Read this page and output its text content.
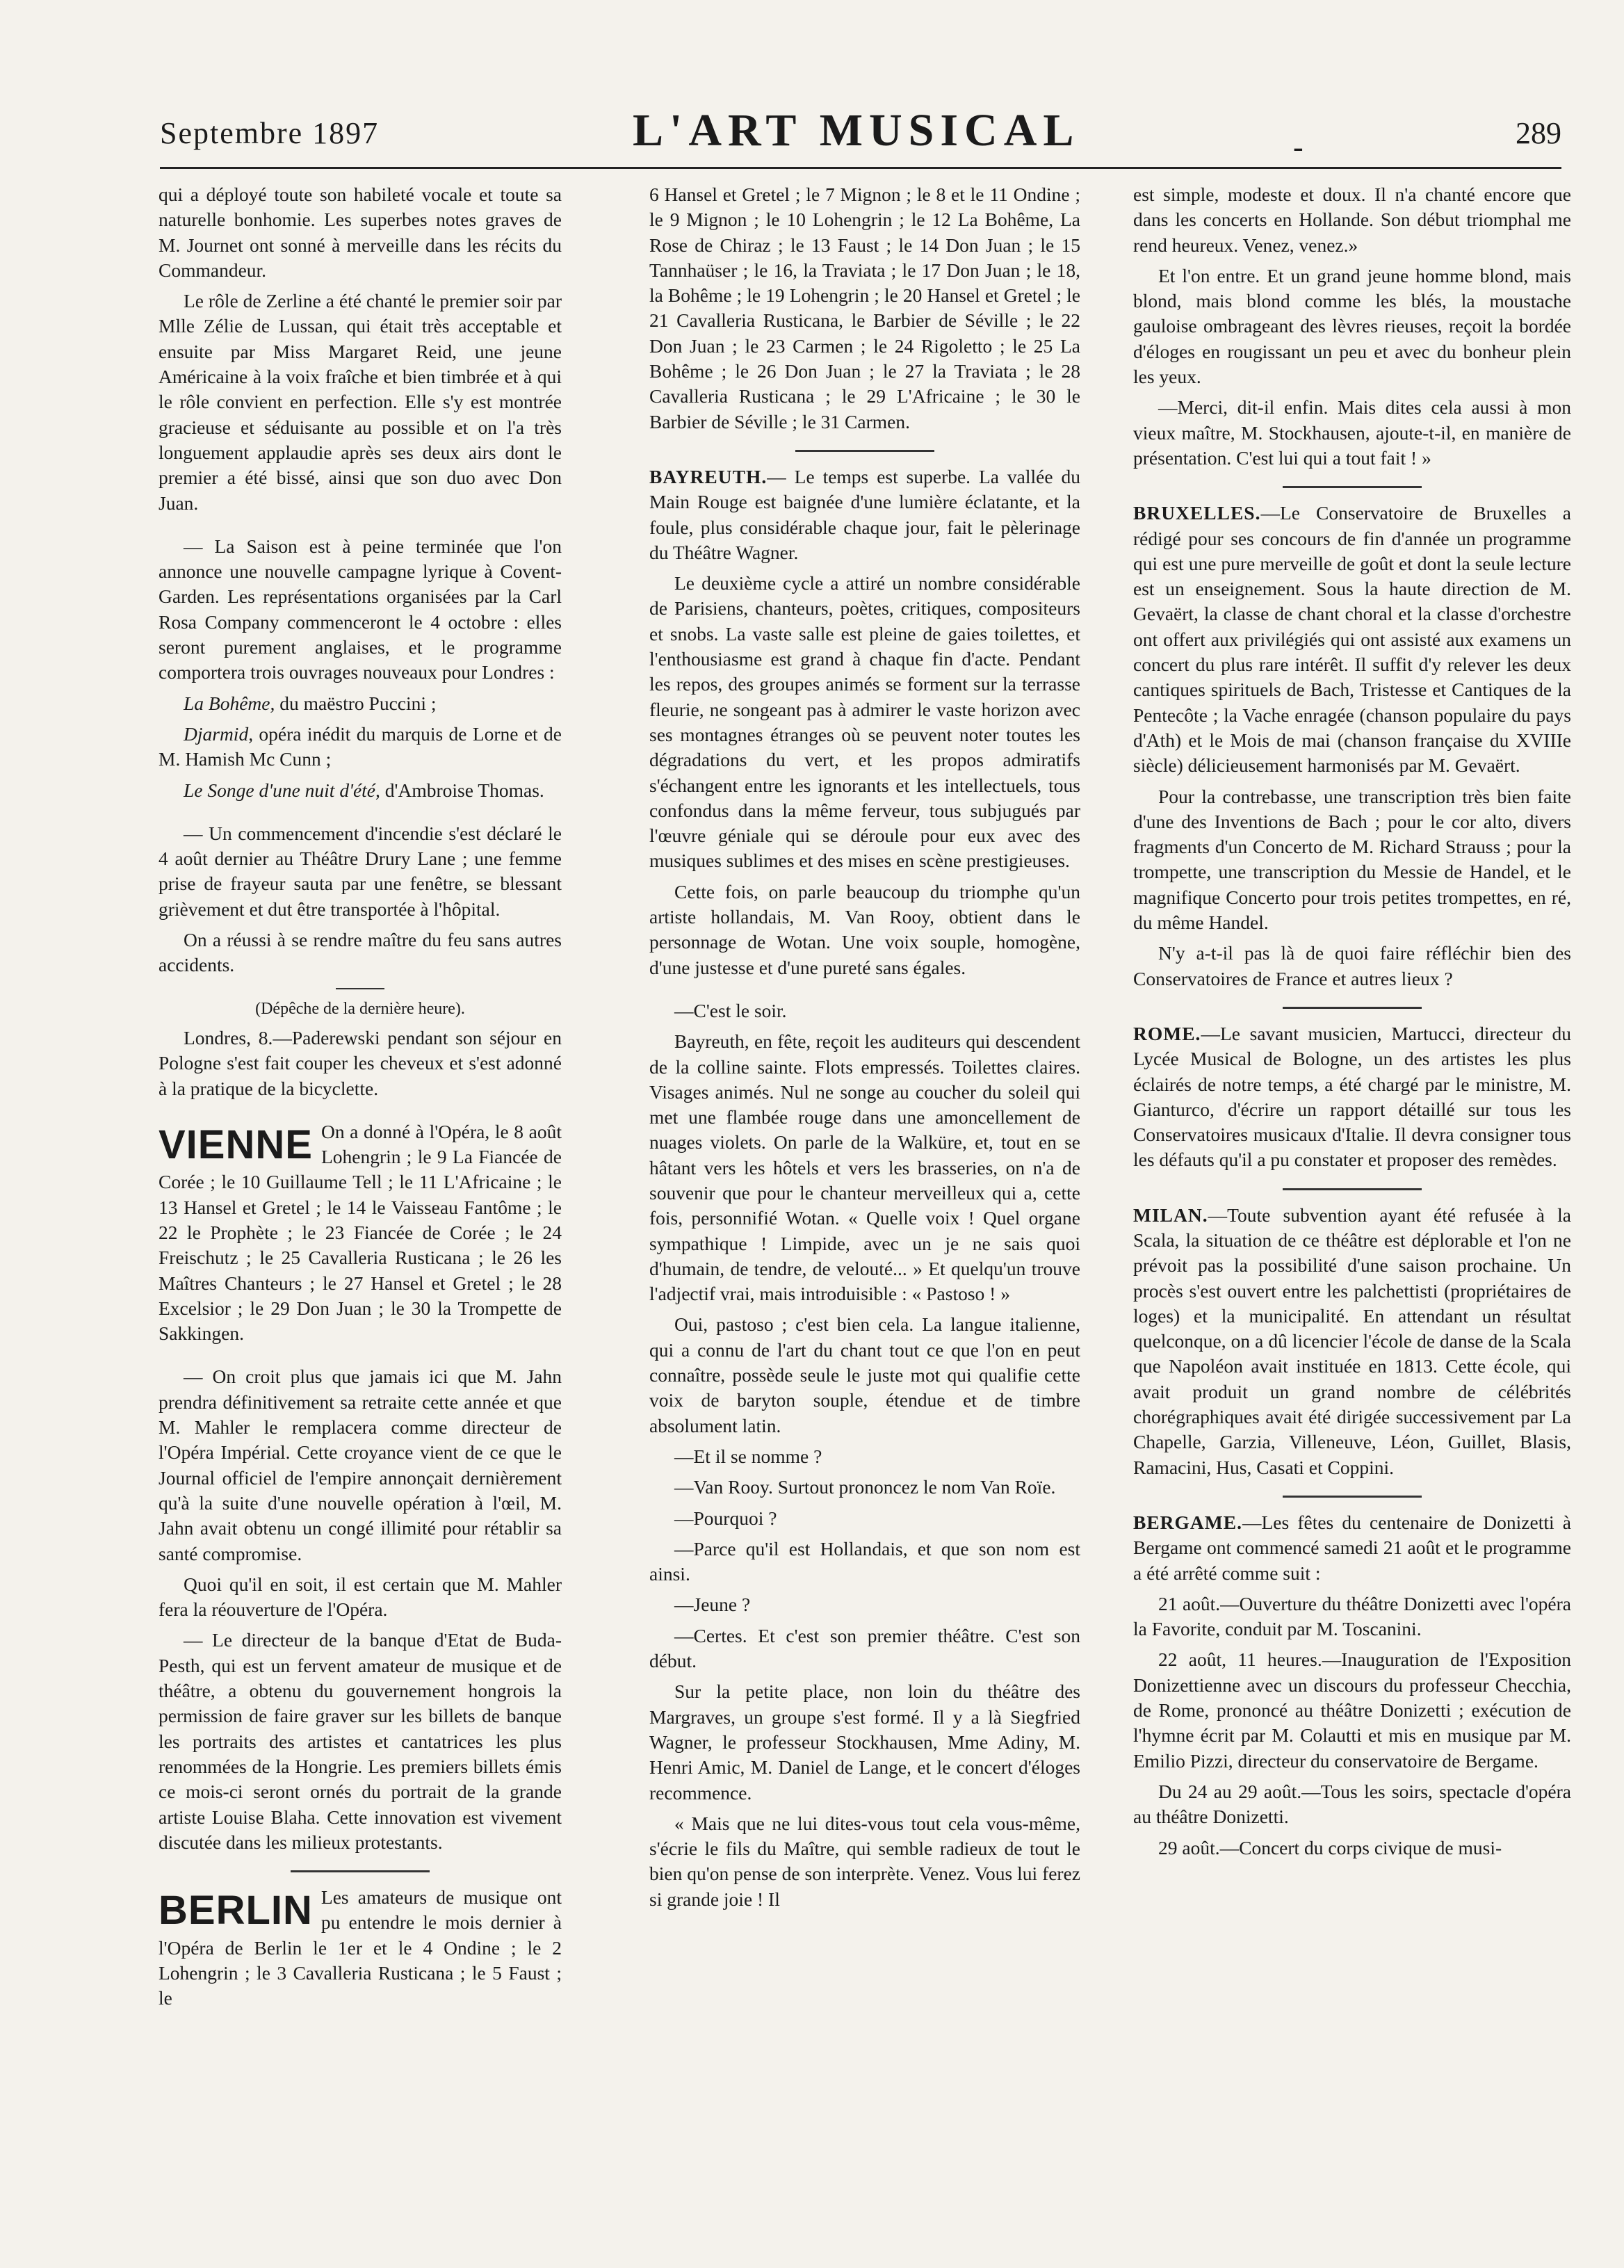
Septembre 1897	L'ART MUSICAL	-	289

qui a déployé toute son habileté vocale et toute sa naturelle bonhomie. Les superbes notes graves de M. Journet ont sonné à merveille dans les récits du Commandeur.

Le rôle de Zerline a été chanté le premier soir par Mlle Zélie de Lussan, qui était très acceptable et ensuite par Miss Margaret Reid, une jeune Américaine à la voix fraîche et bien timbrée et à qui le rôle convient en perfection. Elle s'y est montrée gracieuse et séduisante au possible et on l'a très longuement applaudie après ses deux airs dont le premier a été bissé, ainsi que son duo avec Don Juan.

— La Saison est à peine terminée que l'on annonce une nouvelle campagne lyrique à Covent-Garden. Les représentations organisées par la Carl Rosa Company commenceront le 4 octobre : elles seront purement anglaises, et le programme comportera trois ouvrages nouveaux pour Londres :

La Bohême, du maëstro Puccini ;

Djarmid, opéra inédit du marquis de Lorne et de M. Hamish Mc Cunn ;

Le Songe d'une nuit d'été, d'Ambroise Thomas.

— Un commencement d'incendie s'est déclaré le 4 août dernier au Théâtre Drury Lane ; une femme prise de frayeur sauta par une fenêtre, se blessant grièvement et dut être transportée à l'hôpital.

On a réussi à se rendre maître du feu sans autres accidents.

(Dépêche de la dernière heure).

Londres, 8.—Paderewski pendant son séjour en Pologne s'est fait couper les cheveux et s'est adonné à la pratique de la bicyclette.

VIENNE On a donné à l'Opéra, le 8 août Lohengrin ; le 9 La Fiancée de Corée ; le 10 Guillaume Tell ; le 11 L'Africaine ; le 13 Hansel et Gretel ; le 14 le Vaisseau Fantôme ; le 22 le Prophète ; le 23 Fiancée de Corée ; le 24 Freischutz ; le 25 Cavalleria Rusticana ; le 26 les Maîtres Chanteurs ; le 27 Hansel et Gretel ; le 28 Excelsior ; le 29 Don Juan ; le 30 la Trompette de Sakkingen.

— On croit plus que jamais ici que M. Jahn prendra définitivement sa retraite cette année et que M. Mahler le remplacera comme directeur de l'Opéra Impérial. Cette croyance vient de ce que le Journal officiel de l'empire annonçait dernièrement qu'à la suite d'une nouvelle opération à l'œil, M. Jahn avait obtenu un congé illimité pour rétablir sa santé compromise.

Quoi qu'il en soit, il est certain que M. Mahler fera la réouverture de l'Opéra.

— Le directeur de la banque d'Etat de Buda-Pesth, qui est un fervent amateur de musique et de théâtre, a obtenu du gouvernement hongrois la permission de faire graver sur les billets de banque les portraits des artistes et cantatrices les plus renommées de la Hongrie. Les premiers billets émis ce mois-ci seront ornés du portrait de la grande artiste Louise Blaha. Cette innovation est vivement discutée dans les milieux protestants.

BERLIN Les amateurs de musique ont pu entendre le mois dernier à l'Opéra de Berlin le 1er et le 4 Ondine ; le 2 Lohengrin ; le 3 Cavalleria Rusticana ; le 5 Faust ; le

6 Hansel et Gretel ; le 7 Mignon ; le 8 et le 11 Ondine ; le 9 Mignon ; le 10 Lohengrin ; le 12 La Bohême, La Rose de Chiraz ; le 13 Faust ; le 14 Don Juan ; le 15 Tannhaüser ; le 16, la Traviata ; le 17 Don Juan ; le 18, la Bohême ; le 19 Lohengrin ; le 20 Hansel et Gretel ; le 21 Cavalleria Rusticana, le Barbier de Séville ; le 22 Don Juan ; le 23 Carmen ; le 24 Rigoletto ; le 25 La Bohême ; le 26 Don Juan ; le 27 la Traviata ; le 28 Cavalleria Rusticana ; le 29 L'Africaine ; le 30 le Barbier de Séville ; le 31 Carmen.

BAYREUTH.— Le temps est superbe. La vallée du Main Rouge est baignée d'une lumière éclatante, et la foule, plus considérable chaque jour, fait le pèlerinage du Théâtre Wagner.

Le deuxième cycle a attiré un nombre considérable de Parisiens, chanteurs, poètes, critiques, compositeurs et snobs. La vaste salle est pleine de gaies toilettes, et l'enthousiasme est grand à chaque fin d'acte. Pendant les repos, des groupes animés se forment sur la terrasse fleurie, ne songeant pas à admirer le vaste horizon avec ses montagnes étranges où se peuvent noter toutes les dégradations du vert, et les propos admiratifs s'échangent entre les ignorants et les intellectuels, tous confondus dans la même ferveur, tous subjugués par l'œuvre géniale qui se déroule pour eux avec des musiques sublimes et des mises en scène prestigieuses.

Cette fois, on parle beaucoup du triomphe qu'un artiste hollandais, M. Van Rooy, obtient dans le personnage de Wotan. Une voix souple, homogène, d'une justesse et d'une pureté sans égales.

—C'est le soir.

Bayreuth, en fête, reçoit les auditeurs qui descendent de la colline sainte. Flots empressés. Toilettes claires. Visages animés. Nul ne songe au coucher du soleil qui met une flambée rouge dans une amoncellement de nuages violets. On parle de la Walküre, et, tout en se hâtant vers les hôtels et vers les brasseries, on n'a de souvenir que pour le chanteur merveilleux qui a, cette fois, personnifié Wotan. « Quelle voix ! Quel organe sympathique ! Limpide, avec un je ne sais quoi d'humain, de tendre, de velouté... » Et quelqu'un trouve l'adjectif vrai, mais introduisible : « Pastoso ! »

Oui, pastoso ; c'est bien cela. La langue italienne, qui a connu de l'art du chant tout ce que l'on en peut connaître, possède seule le juste mot qui qualifie cette voix de baryton souple, étendue et de timbre absolument latin.

—Et il se nomme ?

—Van Rooy. Surtout prononcez le nom Van Roïe.

—Pourquoi ?

—Parce qu'il est Hollandais, et que son nom est ainsi.

—Jeune ?

—Certes. Et c'est son premier théâtre. C'est son début.

Sur la petite place, non loin du théâtre des Margraves, un groupe s'est formé. Il y a là Siegfried Wagner, le professeur Stockhausen, Mme Adiny, M. Henri Amic, M. Daniel de Lange, et le concert d'éloges recommence.

« Mais que ne lui dites-vous tout cela vous-même, s'écrie le fils du Maître, qui semble radieux de tout le bien qu'on pense de son interprète. Venez. Vous lui ferez si grande joie ! Il

est simple, modeste et doux. Il n'a chanté encore que dans les concerts en Hollande. Son début triomphal me rend heureux. Venez, venez.»

Et l'on entre. Et un grand jeune homme blond, mais blond, mais blond comme les blés, la moustache gauloise ombrageant des lèvres rieuses, reçoit la bordée d'éloges en rougissant un peu et avec du bonheur plein les yeux.

—Merci, dit-il enfin. Mais dites cela aussi à mon vieux maître, M. Stockhausen, ajoute-t-il, en manière de présentation. C'est lui qui a tout fait ! »

BRUXELLES.—Le Conservatoire de Bruxelles a rédigé pour ses concours de fin d'année un programme qui est une pure merveille de goût et dont la seule lecture est un enseignement. Sous la haute direction de M. Gevaërt, la classe de chant choral et la classe d'orchestre ont offert aux privilégiés qui ont assisté aux examens un concert du plus rare intérêt. Il suffit d'y relever les deux cantiques spirituels de Bach, Tristesse et Cantiques de la Pentecôte ; la Vache enragée (chanson populaire du pays d'Ath) et le Mois de mai (chanson française du XVIIIe siècle) délicieusement harmonisés par M. Gevaërt.

Pour la contrebasse, une transcription très bien faite d'une des Inventions de Bach ; pour le cor alto, divers fragments d'un Concerto de M. Richard Strauss ; pour la trompette, une transcription du Messie de Handel, et le magnifique Concerto pour trois petites trompettes, en ré, du même Handel.

N'y a-t-il pas là de quoi faire réfléchir bien des Conservatoires de France et autres lieux ?

ROME.—Le savant musicien, Martucci, directeur du Lycée Musical de Bologne, un des artistes les plus éclairés de notre temps, a été chargé par le ministre, M. Gianturco, d'écrire un rapport détaillé sur tous les Conservatoires musicaux d'Italie. Il devra consigner tous les défauts qu'il a pu constater et proposer des remèdes.

MILAN.—Toute subvention ayant été refusée à la Scala, la situation de ce théâtre est déplorable et l'on ne prévoit pas la possibilité d'une saison prochaine. Un procès s'est ouvert entre les palchettisti (propriétaires de loges) et la municipalité. En attendant un résultat quelconque, on a dû licencier l'école de danse de la Scala que Napoléon avait instituée en 1813. Cette école, qui avait produit un grand nombre de célébrités chorégraphiques avait été dirigée successivement par La Chapelle, Garzia, Villeneuve, Léon, Guillet, Blasis, Ramacini, Hus, Casati et Coppini.

BERGAME.—Les fêtes du centenaire de Donizetti à Bergame ont commencé samedi 21 août et le programme a été arrêté comme suit :

21 août.—Ouverture du théâtre Donizetti avec l'opéra la Favorite, conduit par M. Toscanini.

22 août, 11 heures.—Inauguration de l'Exposition Donizettienne avec un discours du professeur Checchia, de Rome, prononcé au théâtre Donizetti ; exécution de l'hymne écrit par M. Colautti et mis en musique par M. Emilio Pizzi, directeur du conservatoire de Bergame.

Du 24 au 29 août.—Tous les soirs, spectacle d'opéra au théâtre Donizetti.

29 août.—Concert du corps civique de musi-
